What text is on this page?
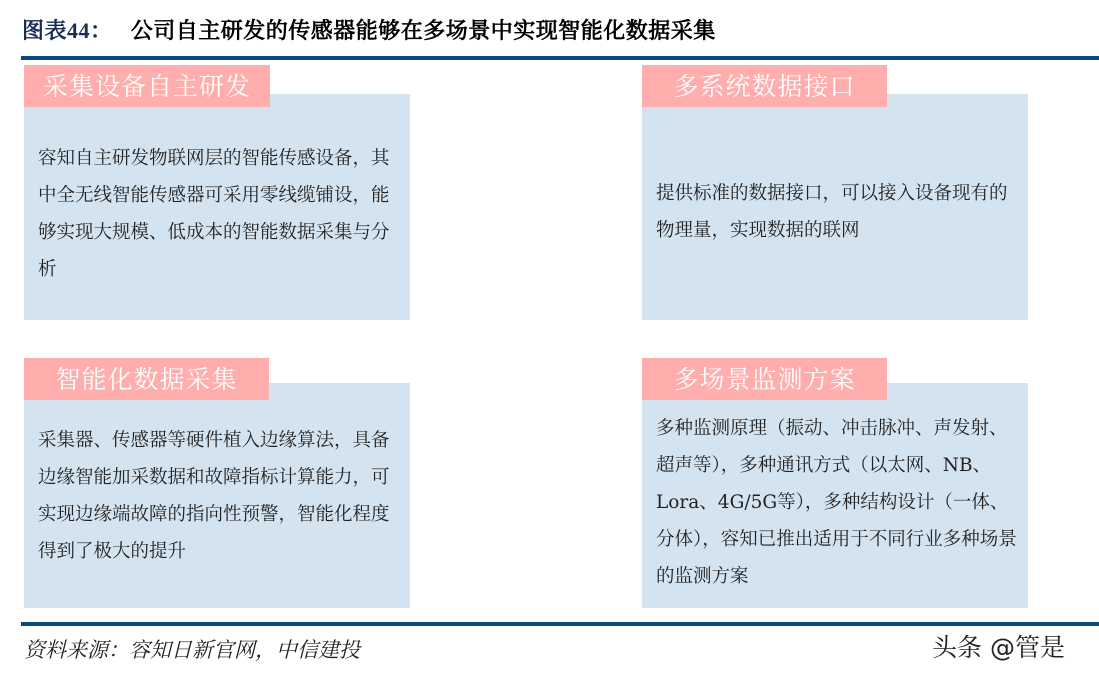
图表44： 公司自主研发的传感器能够在多场景中实现智能化数据采集
容知自主研发物联网层的智能传感设备，其中全无线智能传感器可采用零线缆铺设，能够实现大规模、低成本的智能数据采集与分析
采集设备自主研发
提供标准的数据接口，可以接入设备现有的物理量，实现数据的联网
多系统数据接口
采集器、传感器等硬件植入边缘算法，具备边缘智能加采数据和故障指标计算能力，可实现边缘端故障的指向性预警，智能化程度得到了极大的提升
智能化数据采集
多种监测原理（振动、冲击脉冲、声发射、超声等），多种通讯方式（以太网、NB、Lora、4G/5G等），多种结构设计（一体、分体），容知已推出适用于不同行业多种场景的监测方案
多场景监测方案
资料来源：容知日新官网，中信建投	头条 @管是
